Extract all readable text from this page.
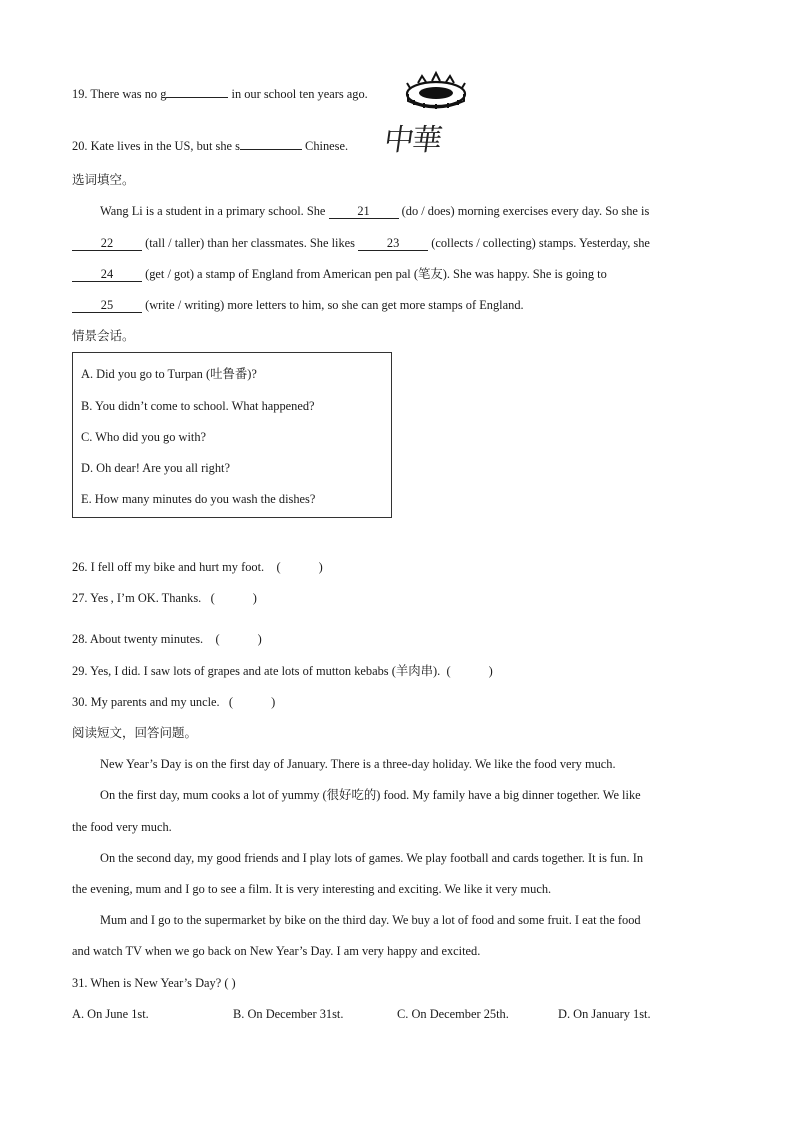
19. There was no g	in our school ten years ago.
20. Kate lives in the US, but she s	Chinese. 中華
选词填空。
Wang Li is a student in a primary school. She 21 (do / does) morning exercises every day. So she is
22 (tall / taller) than her classmates. She likes 23 (collects / collecting) stamps. Yesterday, she
24 (get / got) a stamp of England from American pen pal (笔友). She was happy. She is going to
25 (write / writing) more letters to him, so she can get more stamps of England.
情景会话。
A. Did you go to Turpan (吐鲁番)?
B. You didn’t come to school. What happened?
C. Who did you go with?
D. Oh dear! Are you all right?
E. How many minutes do you wash the dishes?
26. I fell off my bike and hurt my foot. (	)
27. Yes , I’m OK. Thanks. (	)
28. About twenty minutes. (	)
29. Yes, I did. I saw lots of grapes and ate lots of mutton kebabs (羊肉串). (	)
30. My parents and my uncle. (	)
阅读短文，回答问题。
New Year’s Day is on the first day of January. There is a three-day holiday. We like the food very much.
On the first day, mum cooks a lot of yummy (很好吃的) food. My family have a big dinner together. We like
the food very much.
On the second day, my good friends and I play lots of games. We play football and cards together. It is fun. In
the evening, mum and I go to see a film. It is very interesting and exciting. We like it very much.
Mum and I go to the supermarket by bike on the third day. We buy a lot of food and some fruit. I eat the food
and watch TV when we go back on New Year’s Day. I am very happy and excited.
31. When is New Year’s Day? ( )
A. On June 1st.	B. On December 31st.	C. On December 25th.	D. On January 1st.
